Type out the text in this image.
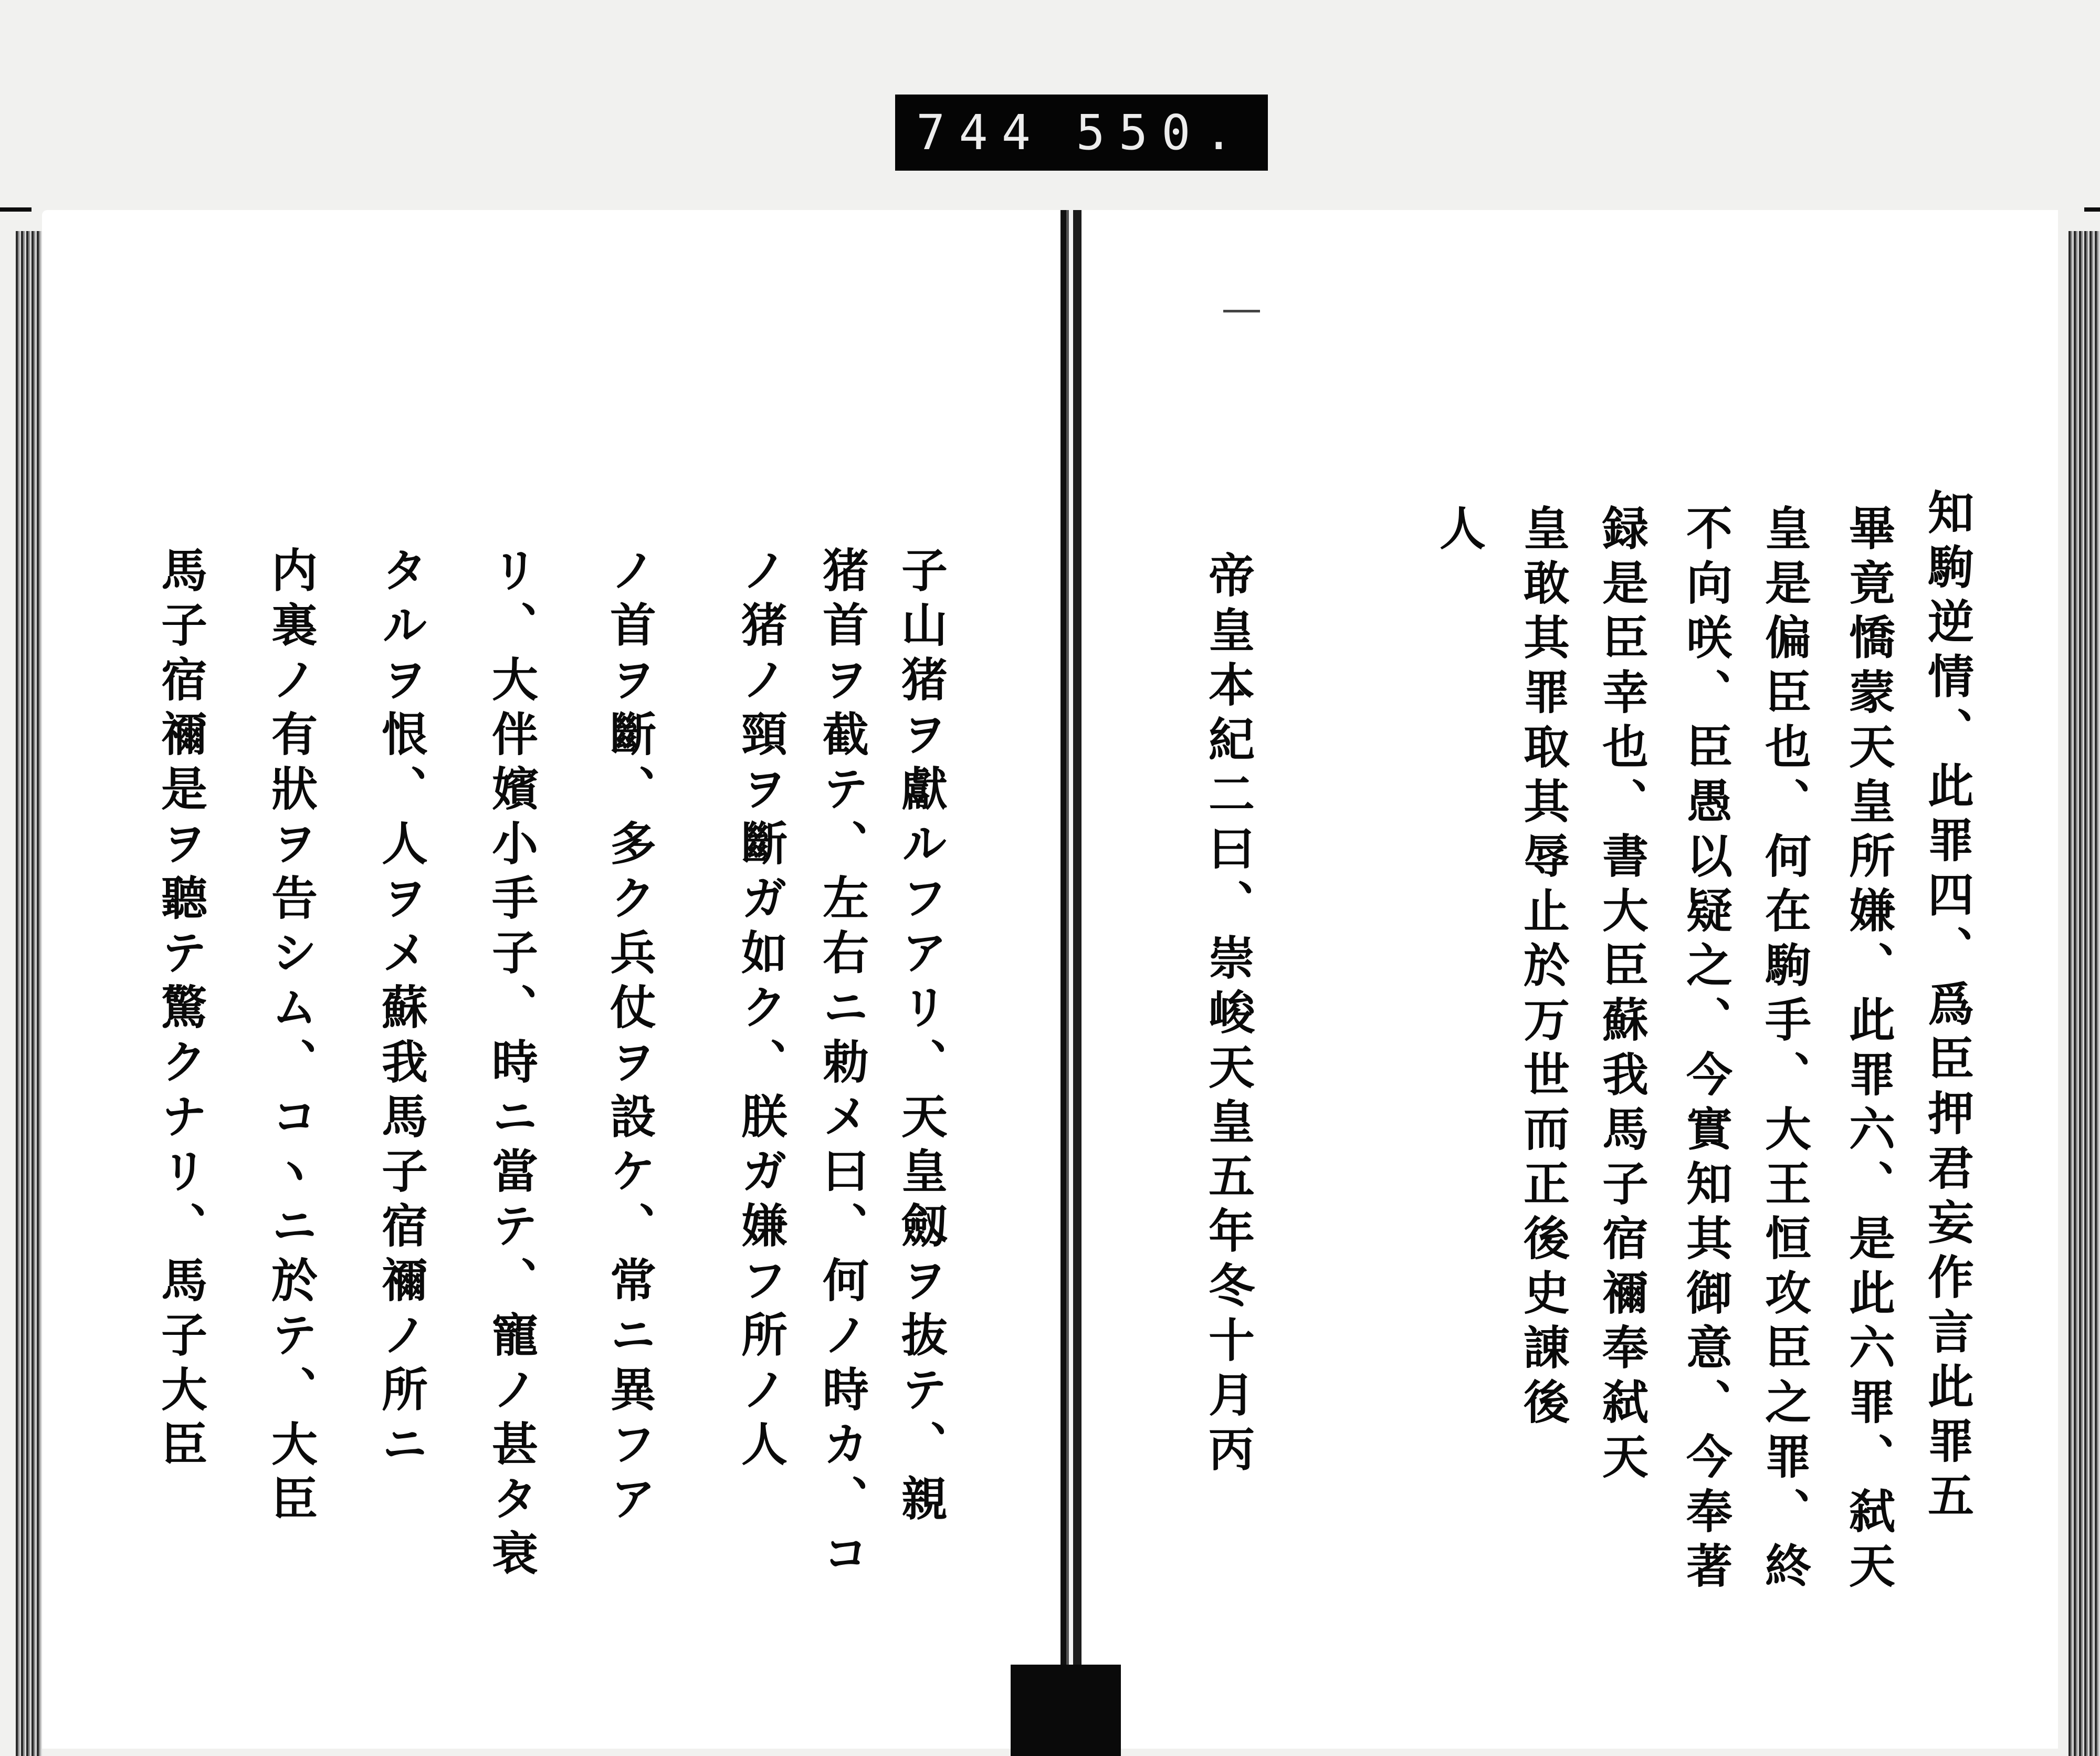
744 550.
子山猪ヲ獻ルフアリ、天皇劔ヲ抜テ、親
猪首ヲ截テ、左右ニ勅メ曰、何ノ時カ、コ
ノ猪ノ頸ヲ斷ガ如ク、朕ガ嫌フ所ノ人
ノ首ヲ斷、多ク兵仗ヲ設ケ、常ニ異フア
リ、大伴嬪小手子、時ニ當テ、寵ノ甚タ衰
タルヲ恨、人ヲメ蘇我馬子宿禰ノ所ニ
内裏ノ有狀ヲ告シム、コヽニ於テ、大臣
馬子宿禰是ヲ聽テ驚クナリ、馬子大臣	知駒逆情、此罪四、爲臣押君妄作言此罪五
畢竟憍蒙天皇所嫌、此罪六、是此六罪、弑天
皇是偏臣也、何在駒手、大王恒攻臣之罪、終
不向咲、臣愚以疑之、今實知其御意、今奉著
録是臣幸也、書大臣蘇我馬子宿禰奉弑天
皇敢其罪取其辱止於万世而正後史諌後
人
帝皇本紀二曰、崇峻天皇五年冬十月丙
